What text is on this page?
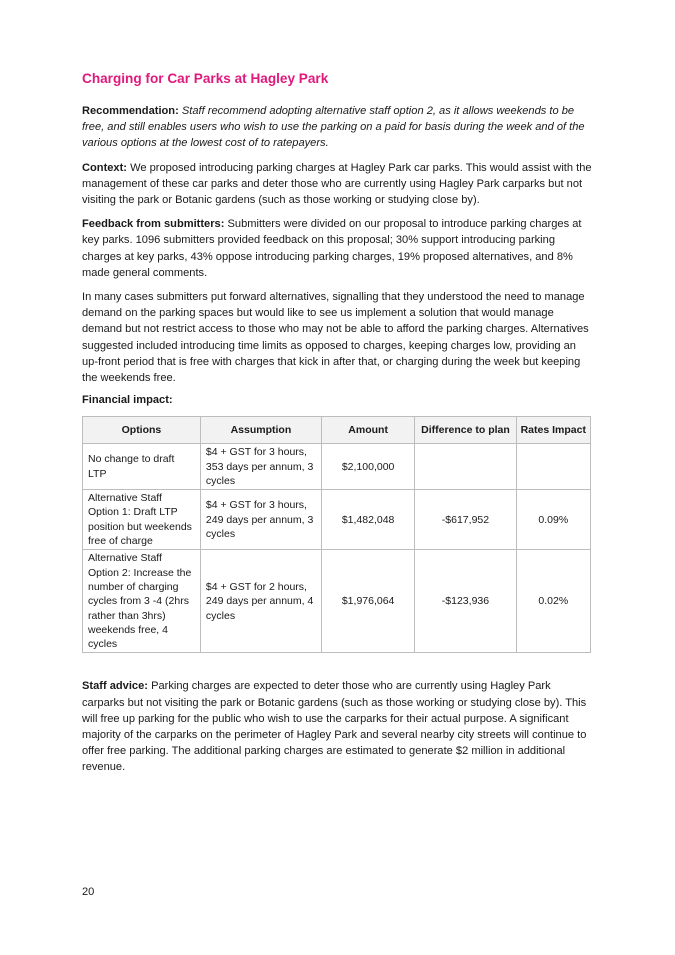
Charging for Car Parks at Hagley Park

Recommendation: Staff recommend adopting alternative staff option 2, as it allows weekends to be free, and still enables users who wish to use the parking on a paid for basis during the week and of the various options at the lowest cost of to ratepayers.

Context: We proposed introducing parking charges at Hagley Park car parks. This would assist with the management of these car parks and deter those who are currently using Hagley Park carparks but not visiting the park or Botanic gardens (such as those working or studying close by).

Feedback from submitters: Submitters were divided on our proposal to introduce parking charges at key parks. 1096 submitters provided feedback on this proposal; 30% support introducing parking charges at key parks, 43% oppose introducing parking charges, 19% proposed alternatives, and 8% made general comments.

In many cases submitters put forward alternatives, signalling that they understood the need to manage demand on the parking spaces but would like to see us implement a solution that would manage demand but not restrict access to those who may not be able to afford the parking charges. Alternatives suggested included introducing time limits as opposed to charges, keeping charges low, providing an up-front period that is free with charges that kick in after that, or charging during the week but keeping the weekends free.

Financial impact:
Options	Assumption	Amount	Difference to plan	Rates Impact
No change to draft LTP	$4 + GST for 3 hours, 353 days per annum, 3 cycles	$2,100,000		
Alternative Staff Option 1: Draft LTP position but weekends free of charge	$4 + GST for 3 hours, 249 days per annum, 3 cycles	$1,482,048	-$617,952	0.09%
Alternative Staff Option 2: Increase the number of charging cycles from 3 -4 (2hrs rather than 3hrs) weekends free, 4 cycles	$4 + GST for 2 hours, 249 days per annum, 4 cycles	$1,976,064	-$123,936	0.02%

Staff advice: Parking charges are expected to deter those who are currently using Hagley Park carparks but not visiting the park or Botanic gardens (such as those working or studying close by). This will free up parking for the public who wish to use the carparks for their actual purpose. A significant majority of the carparks on the perimeter of Hagley Park and several nearby city streets will continue to offer free parking. The additional parking charges are estimated to generate $2 million in additional revenue.

20
